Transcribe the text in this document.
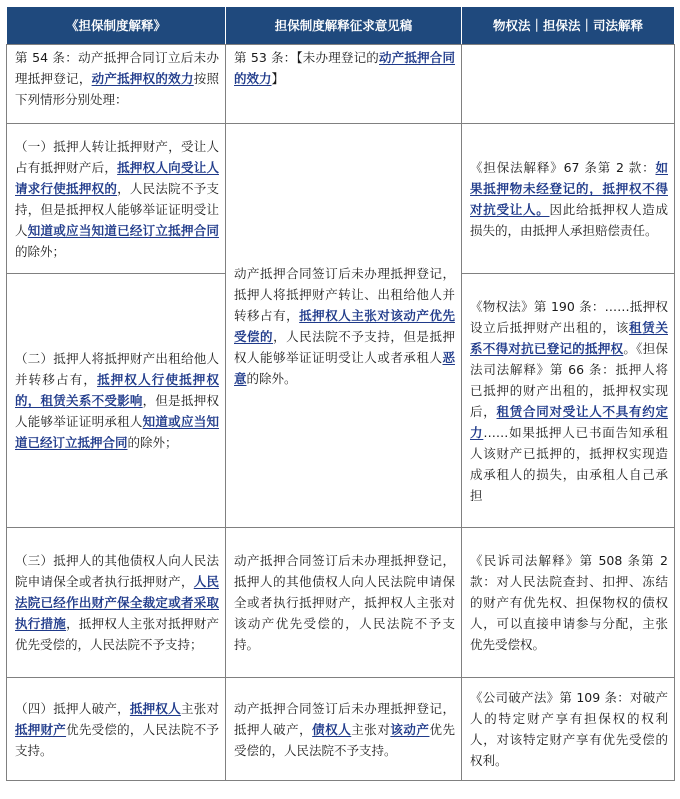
《担保制度解释》	担保制度解释征求意见稿	物权法｜担保法｜司法解释
第 54 条：动产抵押合同订立后未办理抵押登记，动产抵押权的效力按照下列情形分别处理：	第 53 条：【未办理登记的动产抵押合同的效力】	
（一）抵押人转让抵押财产，受让人占有抵押财产后，抵押权人向受让人请求行使抵押权的，人民法院不予支持，但是抵押权人能够举证证明受让人知道或应当知道已经订立抵押合同的除外；	动产抵押合同签订后未办理抵押登记，抵押人将抵押财产转让、出租给他人并转移占有，抵押权人主张对该动产优先受偿的，人民法院不予支持，但是抵押权人能够举证证明受让人或者承租人恶意的除外。	《担保法解释》67 条第 2 款：如果抵押物未经登记的，抵押权不得对抗受让人。因此给抵押权人造成损失的，由抵押人承担赔偿责任。
（二）抵押人将抵押财产出租给他人并转移占有，抵押权人行使抵押权的，租赁关系不受影响，但是抵押权人能够举证证明承租人知道或应当知道已经订立抵押合同的除外；		《物权法》第 190 条：……抵押权设立后抵押财产出租的，该租赁关系不得对抗已登记的抵押权。《担保法司法解释》第 66 条：抵押人将已抵押的财产出租的，抵押权实现后，租赁合同对受让人不具有约定力……如果抵押人已书面告知承租人该财产已抵押的，抵押权实现造成承租人的损失，由承租人自己承担
（三）抵押人的其他债权人向人民法院申请保全或者执行抵押财产，人民法院已经作出财产保全裁定或者采取执行措施，抵押权人主张对抵押财产优先受偿的，人民法院不予支持；	动产抵押合同签订后未办理抵押登记，抵押人的其他债权人向人民法院申请保全或者执行抵押财产，抵押权人主张对该动产优先受偿的，人民法院不予支持。	《民诉司法解释》第 508 条第 2 款：对人民法院查封、扣押、冻结的财产有优先权、担保物权的债权人，可以直接申请参与分配，主张优先受偿权。
（四）抵押人破产，抵押权人主张对抵押财产优先受偿的，人民法院不予支持。	动产抵押合同签订后未办理抵押登记，抵押人破产，债权人主张对该动产优先受偿的，人民法院不予支持。	《公司破产法》第 109 条：对破产人的特定财产享有担保权的权利人，对该特定财产享有优先受偿的权利。
